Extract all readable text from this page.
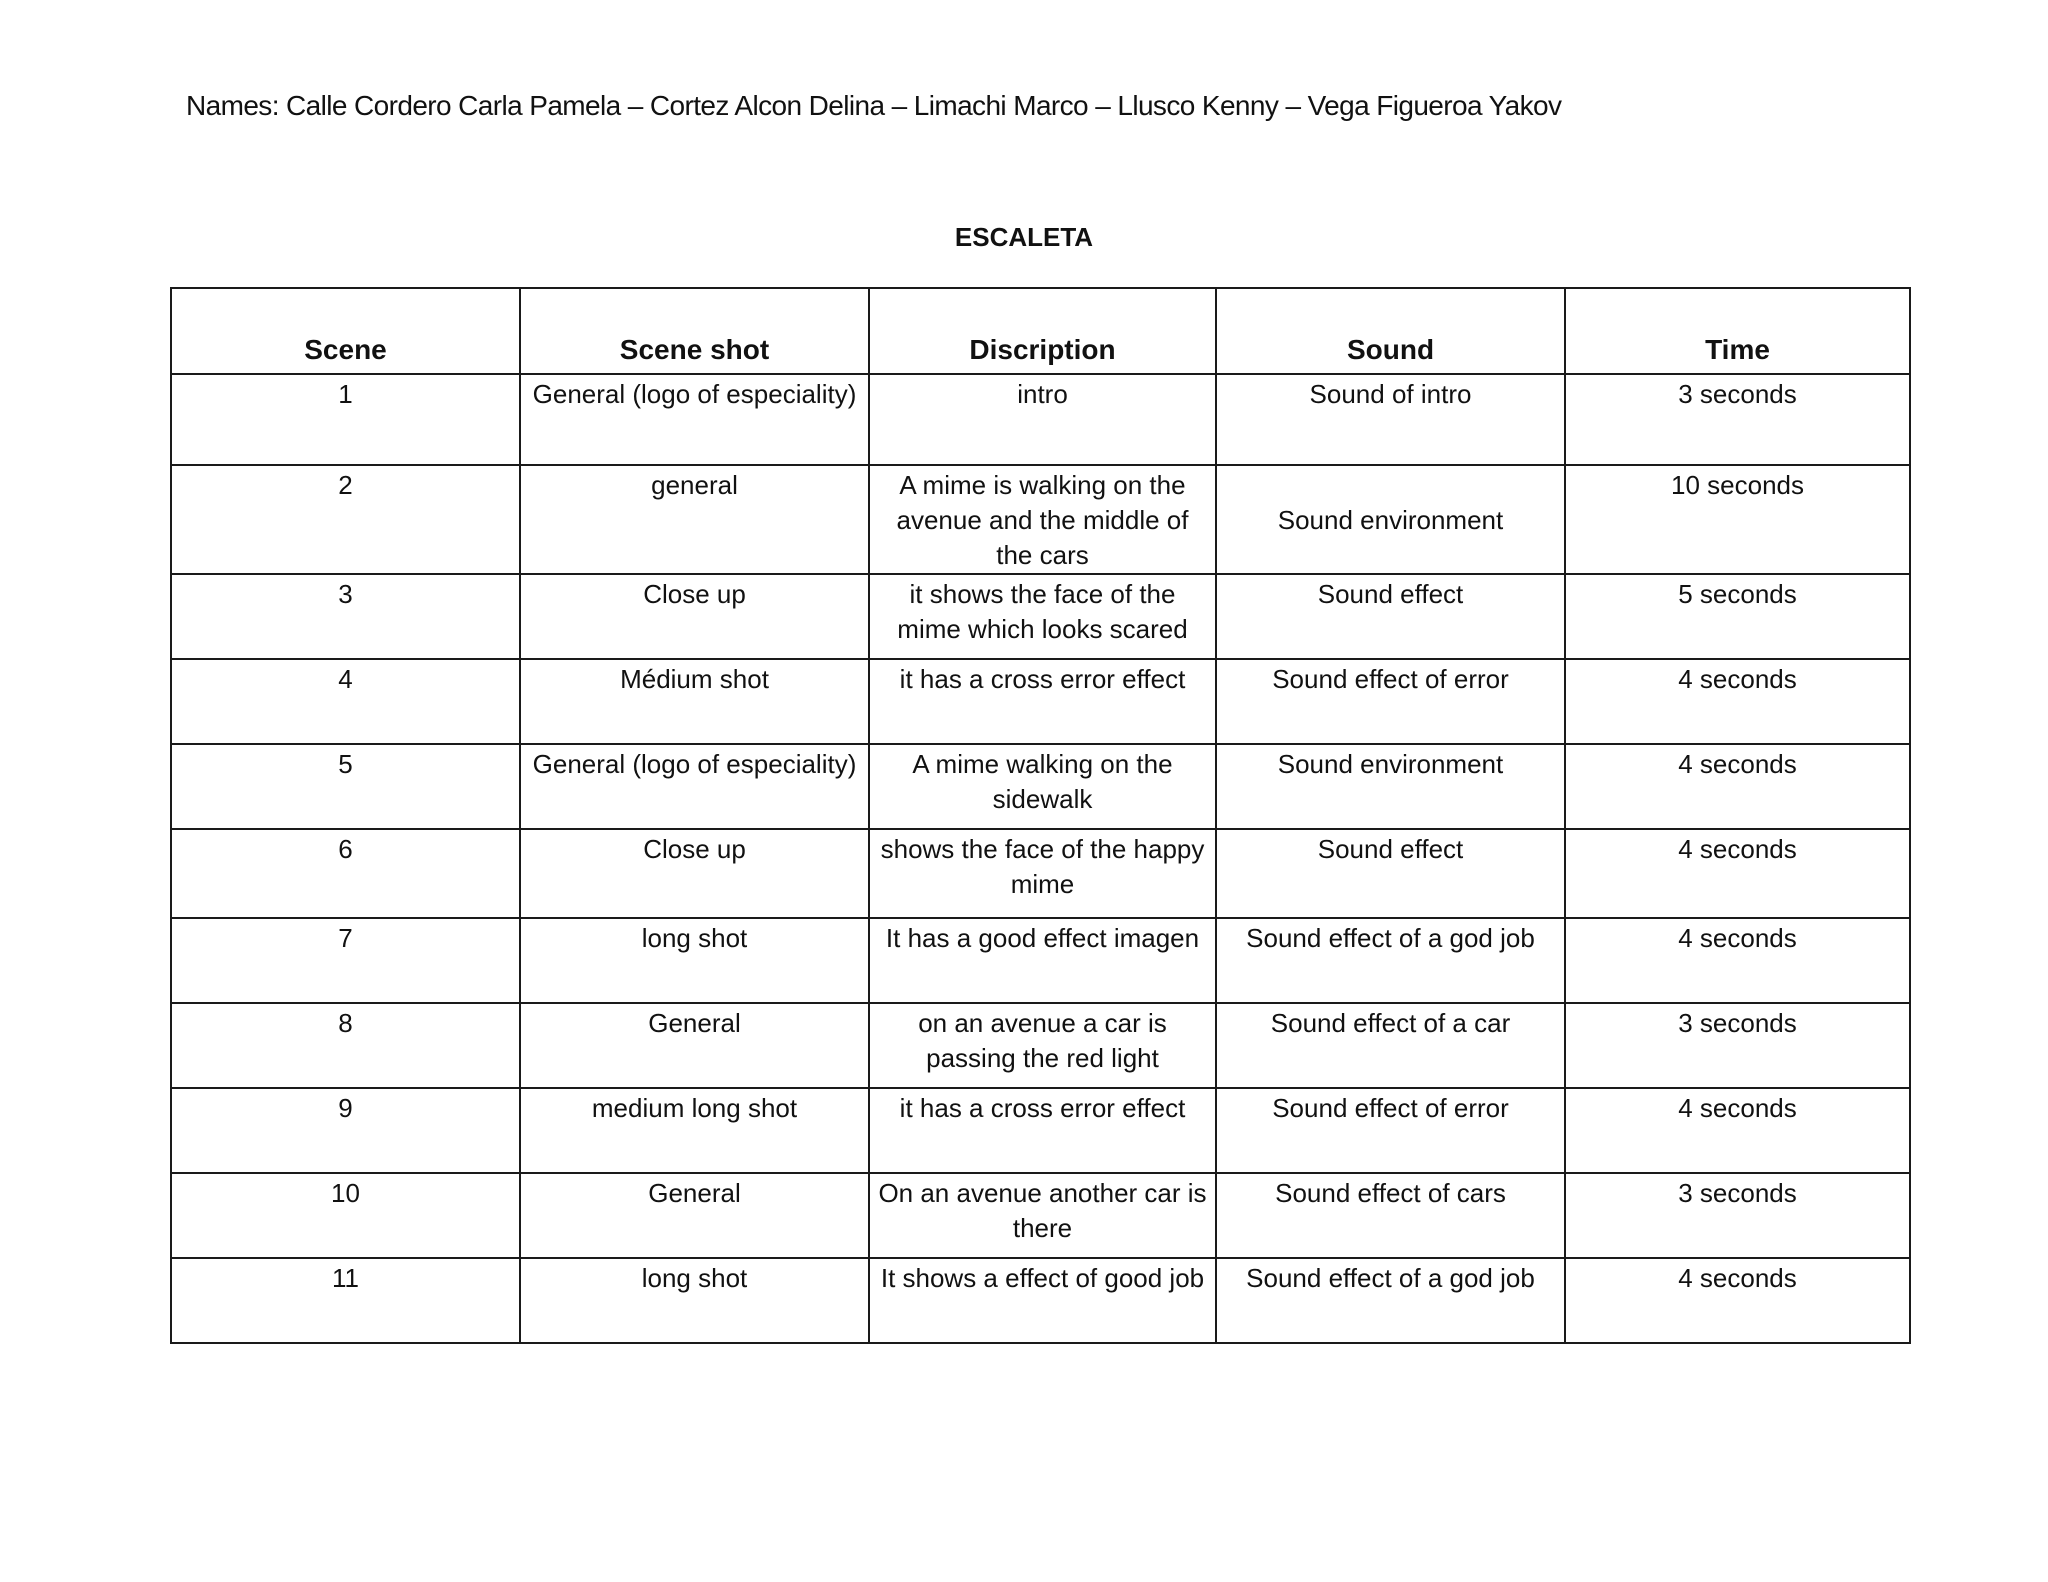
Names: Calle Cordero Carla Pamela – Cortez Alcon Delina – Limachi Marco – Llusco Kenny – Vega Figueroa Yakov
ESCALETA
Scene	Scene shot	Discription	Sound	Time
1	General (logo of especiality)	intro	Sound of intro	3 seconds
2	general	A mime is walking on the avenue and the middle of the cars	Sound environment	10 seconds
3	Close up	it shows the face of the mime which looks scared	Sound effect	5 seconds
4	Médium shot	it has a cross error effect	Sound effect of error	4 seconds
5	General (logo of especiality)	A mime walking on the sidewalk	Sound environment	4 seconds
6	Close up	shows the face of the happy mime	Sound effect	4 seconds
7	long shot	It has a good effect imagen	Sound effect of a god job	4 seconds
8	General	on an avenue a car is passing the red light	Sound effect of a car	3 seconds
9	medium long shot	it has a cross error effect	Sound effect of error	4 seconds
10	General	On an avenue another car is there	Sound effect of cars	3 seconds
11	long shot	It shows a effect of good job	Sound effect of a god job	4 seconds
